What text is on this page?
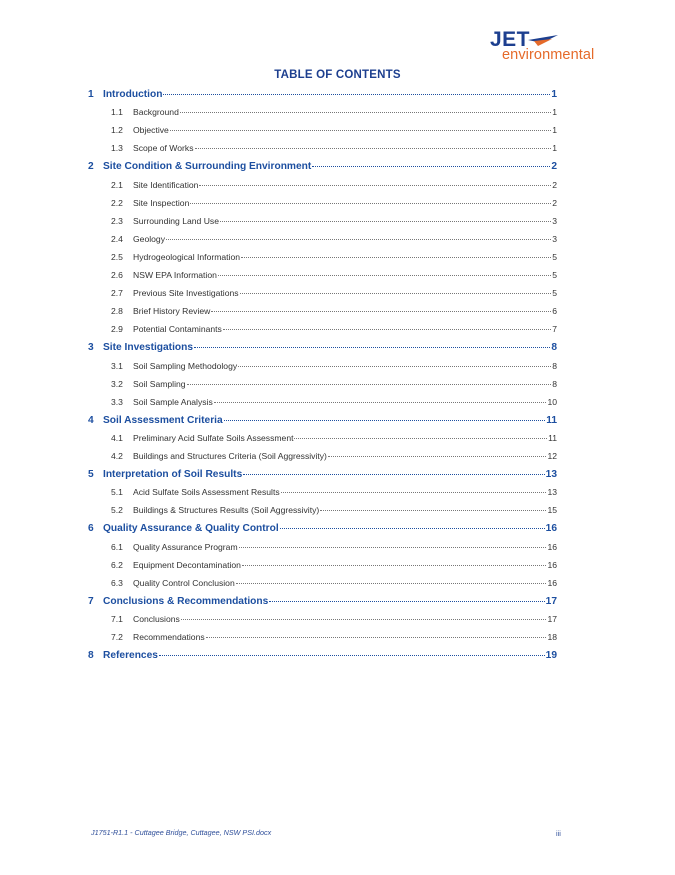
JET
environmental
TABLE OF CONTENTS
1 Introduction	1
1.1	Background	1
1.2	Objective	1
1.3	Scope of Works	1
2 Site Condition & Surrounding Environment	2
2.1	Site Identification	2
2.2	Site Inspection	2
2.3	Surrounding Land Use	3
2.4	Geology	3
2.5	Hydrogeological Information	5
2.6	NSW EPA Information	5
2.7	Previous Site Investigations	5
2.8	Brief History Review	6
2.9	Potential Contaminants	7
3 Site Investigations	8
3.1	Soil Sampling Methodology	8
3.2	Soil Sampling	8
3.3	Soil Sample Analysis	10
4 Soil Assessment Criteria	11
4.1	Preliminary Acid Sulfate Soils Assessment	11
4.2	Buildings and Structures Criteria (Soil Aggressivity)	12
5 Interpretation of Soil Results	13
5.1	Acid Sulfate Soils Assessment Results	13
5.2	Buildings & Structures Results (Soil Aggressivity)	15
6 Quality Assurance & Quality Control	16
6.1	Quality Assurance Program	16
6.2	Equipment Decontamination	16
6.3	Quality Control Conclusion	16
7 Conclusions & Recommendations	17
7.1	Conclusions	17
7.2	Recommendations	18
8 References	19
J1751-R1.1 - Cuttagee Bridge, Cuttagee, NSW PSI.docx	iii
